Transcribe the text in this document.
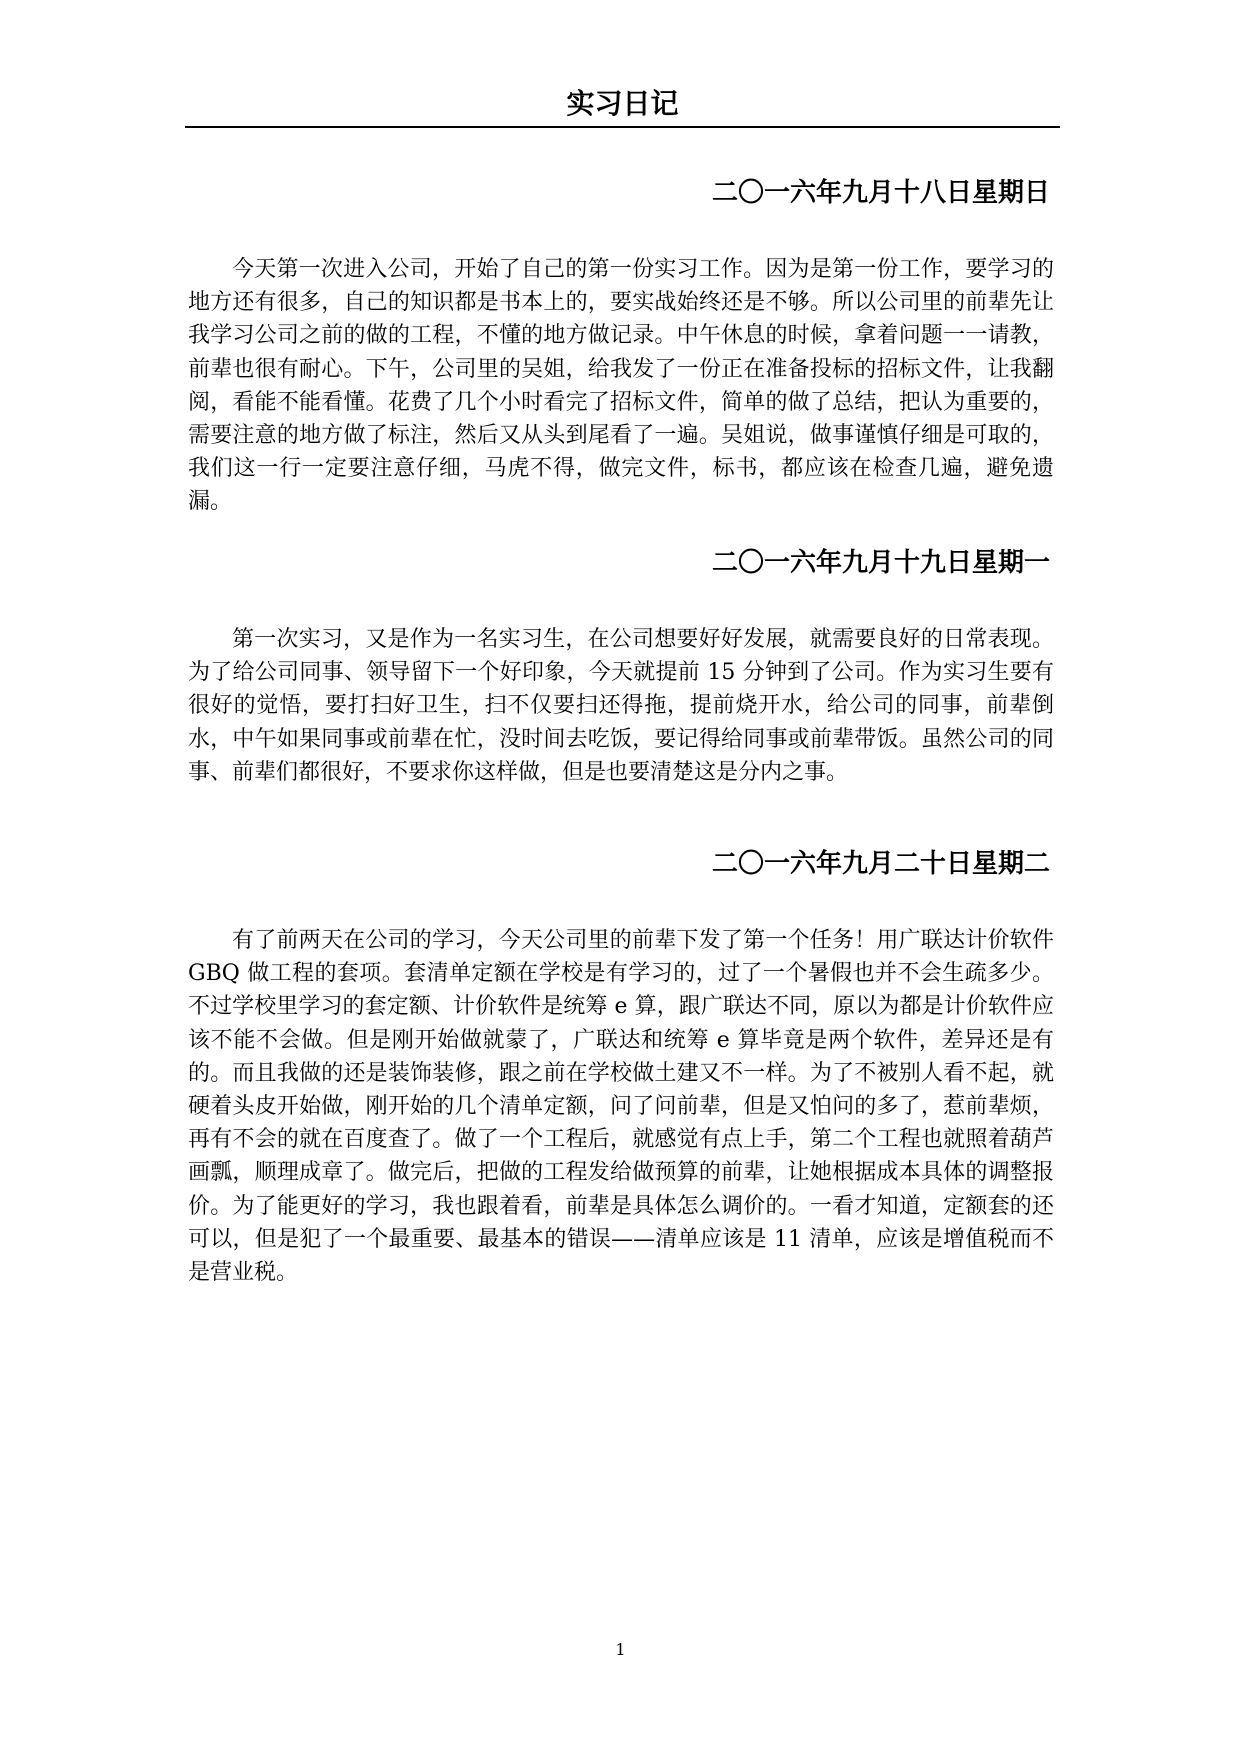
实习日记
二〇一六年九月十八日星期日

今天第一次进入公司，开始了自己的第一份实习工作。因为是第一份工作，要学习的地方还有很多，自己的知识都是书本上的，要实战始终还是不够。所以公司里的前辈先让我学习公司之前的做的工程，不懂的地方做记录。中午休息的时候，拿着问题一一请教，前辈也很有耐心。下午，公司里的吴姐，给我发了一份正在准备投标的招标文件，让我翻阅，看能不能看懂。花费了几个小时看完了招标文件，简单的做了总结，把认为重要的，需要注意的地方做了标注，然后又从头到尾看了一遍。吴姐说，做事谨慎仔细是可取的，我们这一行一定要注意仔细，马虎不得，做完文件，标书，都应该在检查几遍，避免遗漏。

二〇一六年九月十九日星期一

第一次实习，又是作为一名实习生，在公司想要好好发展，就需要良好的日常表现。为了给公司同事、领导留下一个好印象，今天就提前 15 分钟到了公司。作为实习生要有很好的觉悟，要打扫好卫生，扫不仅要扫还得拖，提前烧开水，给公司的同事，前辈倒水，中午如果同事或前辈在忙，没时间去吃饭，要记得给同事或前辈带饭。虽然公司的同事、前辈们都很好，不要求你这样做，但是也要清楚这是分内之事。

二〇一六年九月二十日星期二

有了前两天在公司的学习，今天公司里的前辈下发了第一个任务！用广联达计价软件 GBQ 做工程的套项。套清单定额在学校是有学习的，过了一个暑假也并不会生疏多少。不过学校里学习的套定额、计价软件是统筹 e 算，跟广联达不同，原以为都是计价软件应该不能不会做。但是刚开始做就蒙了，广联达和统筹 e 算毕竟是两个软件，差异还是有的。而且我做的还是装饰装修，跟之前在学校做土建又不一样。为了不被别人看不起，就硬着头皮开始做，刚开始的几个清单定额，问了问前辈，但是又怕问的多了，惹前辈烦，再有不会的就在百度查了。做了一个工程后，就感觉有点上手，第二个工程也就照着葫芦画瓢，顺理成章了。做完后，把做的工程发给做预算的前辈，让她根据成本具体的调整报价。为了能更好的学习，我也跟着看，前辈是具体怎么调价的。一看才知道，定额套的还可以，但是犯了一个最重要、最基本的错误——清单应该是 11 清单，应该是增值税而不是营业税。

1
